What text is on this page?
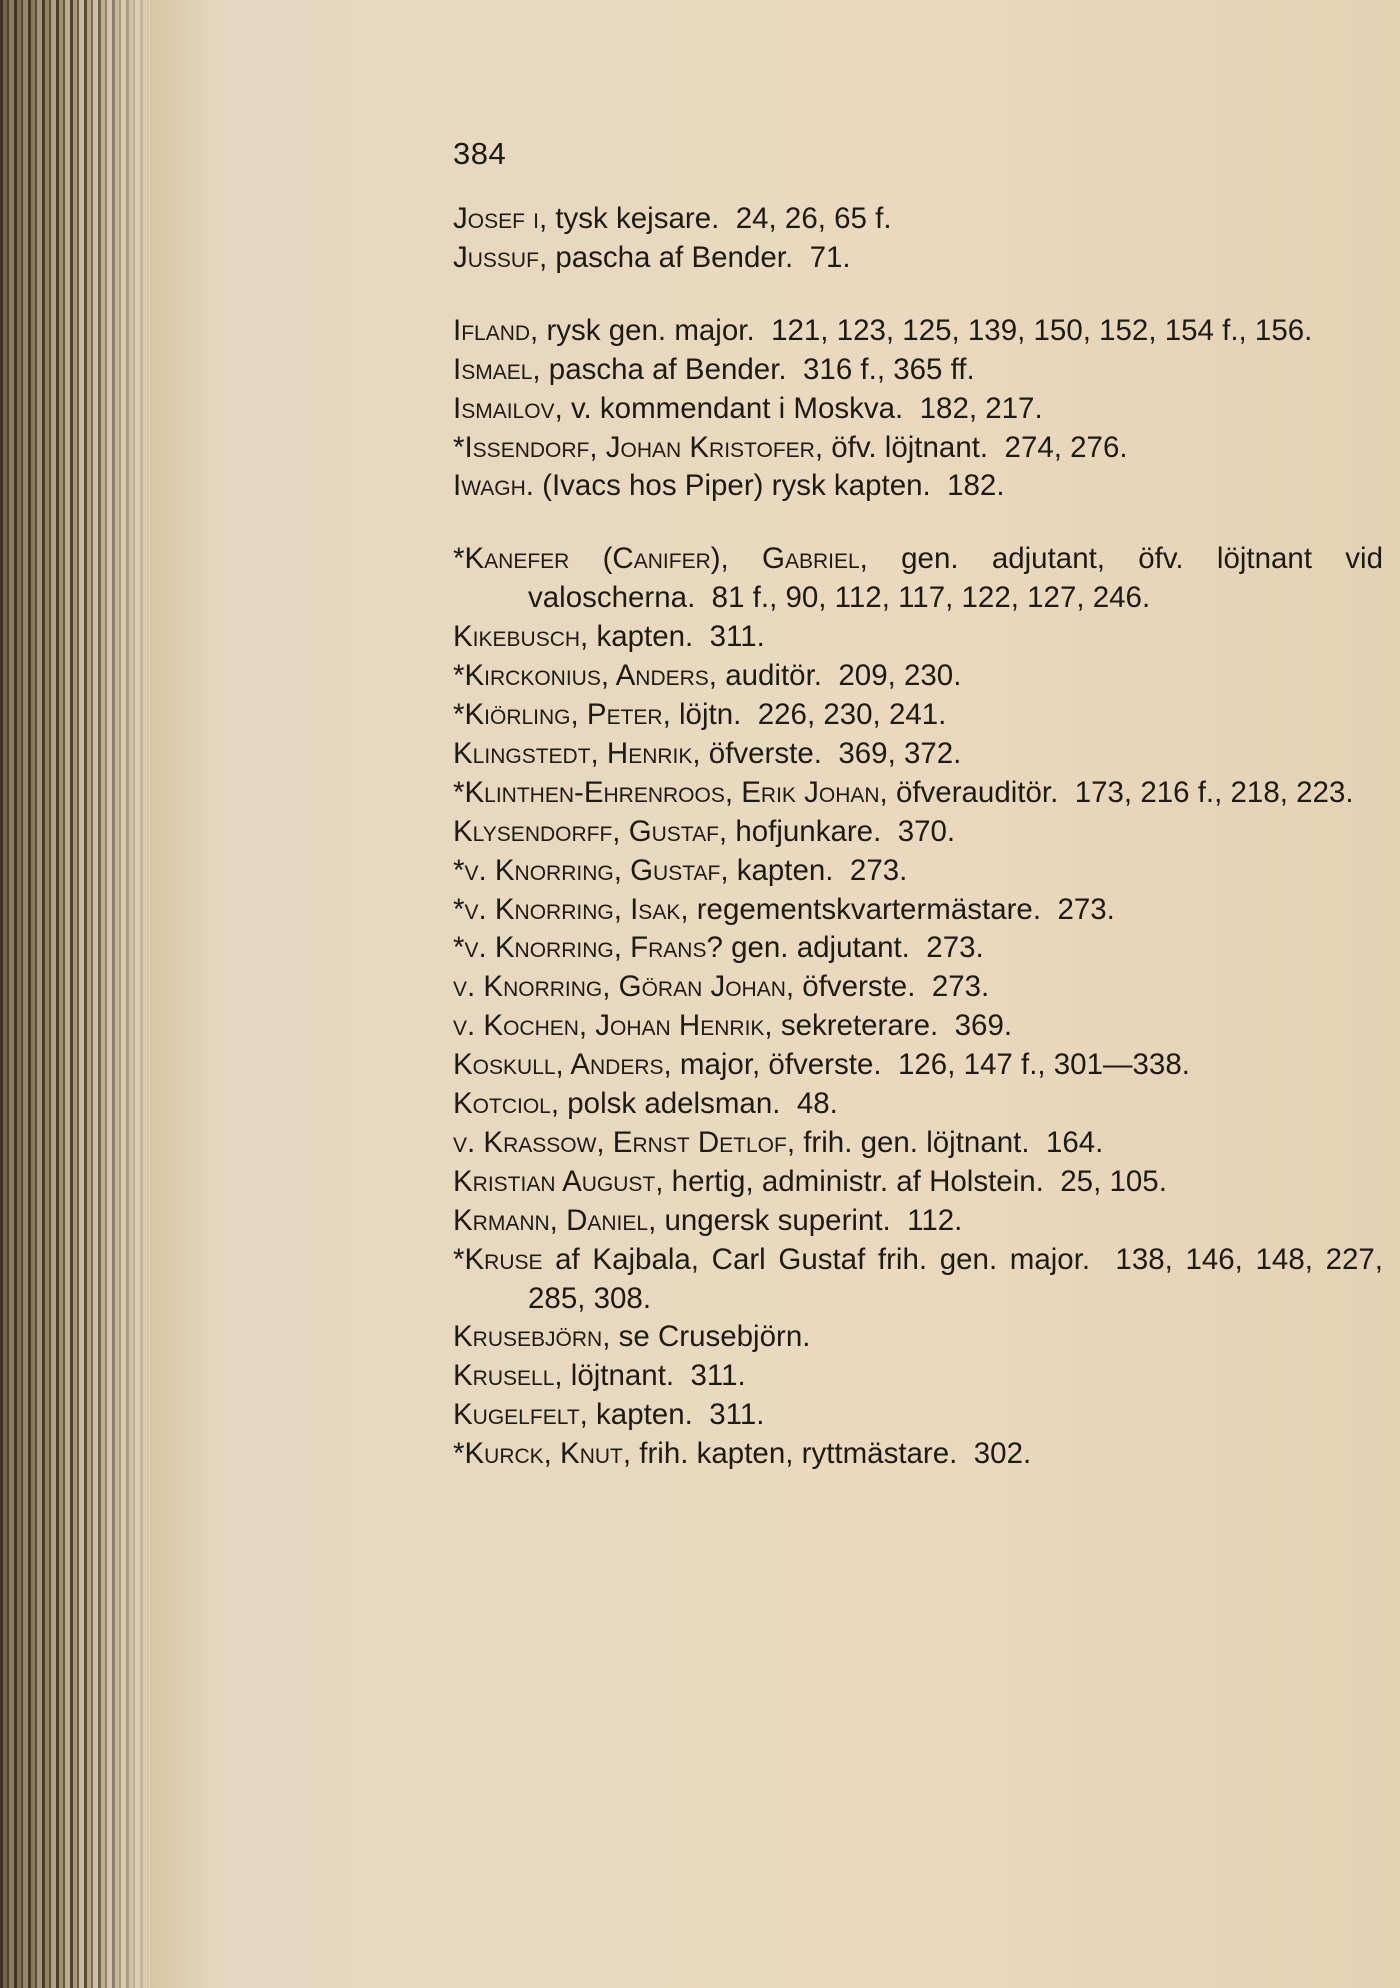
384

Josef i, tysk kejsare. 24, 26, 65 f.
Jussuf, pascha af Bender. 71.
Ifland, rysk gen. major. 121, 123, 125, 139, 150, 152, 154 f., 156.
Ismael, pascha af Bender. 316 f., 365 ff.
Ismailov, v. kommendant i Moskva. 182, 217.
*Issendorf, Johan Kristofer, öfv. löjtnant. 274, 276.
Iwagh. (Ivacs hos Piper) rysk kapten. 182.
*Kanefer (Canifer), Gabriel, gen. adjutant, öfv. löjtnant vid valoscherna. 81 f., 90, 112, 117, 122, 127, 246.
Kikebusch, kapten. 311.
*Kirckonius, Anders, auditör. 209, 230.
*Kiörling, Peter, löjtn. 226, 230, 241.
Klingstedt, Henrik, öfverste. 369, 372.
*Klinthen-Ehrenroos, Erik Johan, öfverauditör. 173, 216 f., 218, 223.
Klysendorff, Gustaf, hofjunkare. 370.
*v. Knorring, Gustaf, kapten. 273.
*v. Knorring, Isak, regementskvartermästare. 273.
*v. Knorring, Frans? gen. adjutant. 273.
v. Knorring, Göran Johan, öfverste. 273.
v. Kochen, Johan Henrik, sekreterare. 369.
Koskull, Anders, major, öfverste. 126, 147 f., 301—338.
Kotciol, polsk adelsman. 48.
v. Krassow, Ernst Detlof, frih. gen. löjtnant. 164.
Kristian August, hertig, administr. af Holstein. 25, 105.
Krmann, Daniel, ungersk superint. 112.
*Kruse af Kajbala, Carl Gustaf frih. gen. major. 138, 146, 148, 227, 285, 308.
Krusebjörn, se Crusebjörn.
Krusell, löjtnant. 311.
Kugelfelt, kapten. 311.
*Kurck, Knut, frih. kapten, ryttmästare. 302.
